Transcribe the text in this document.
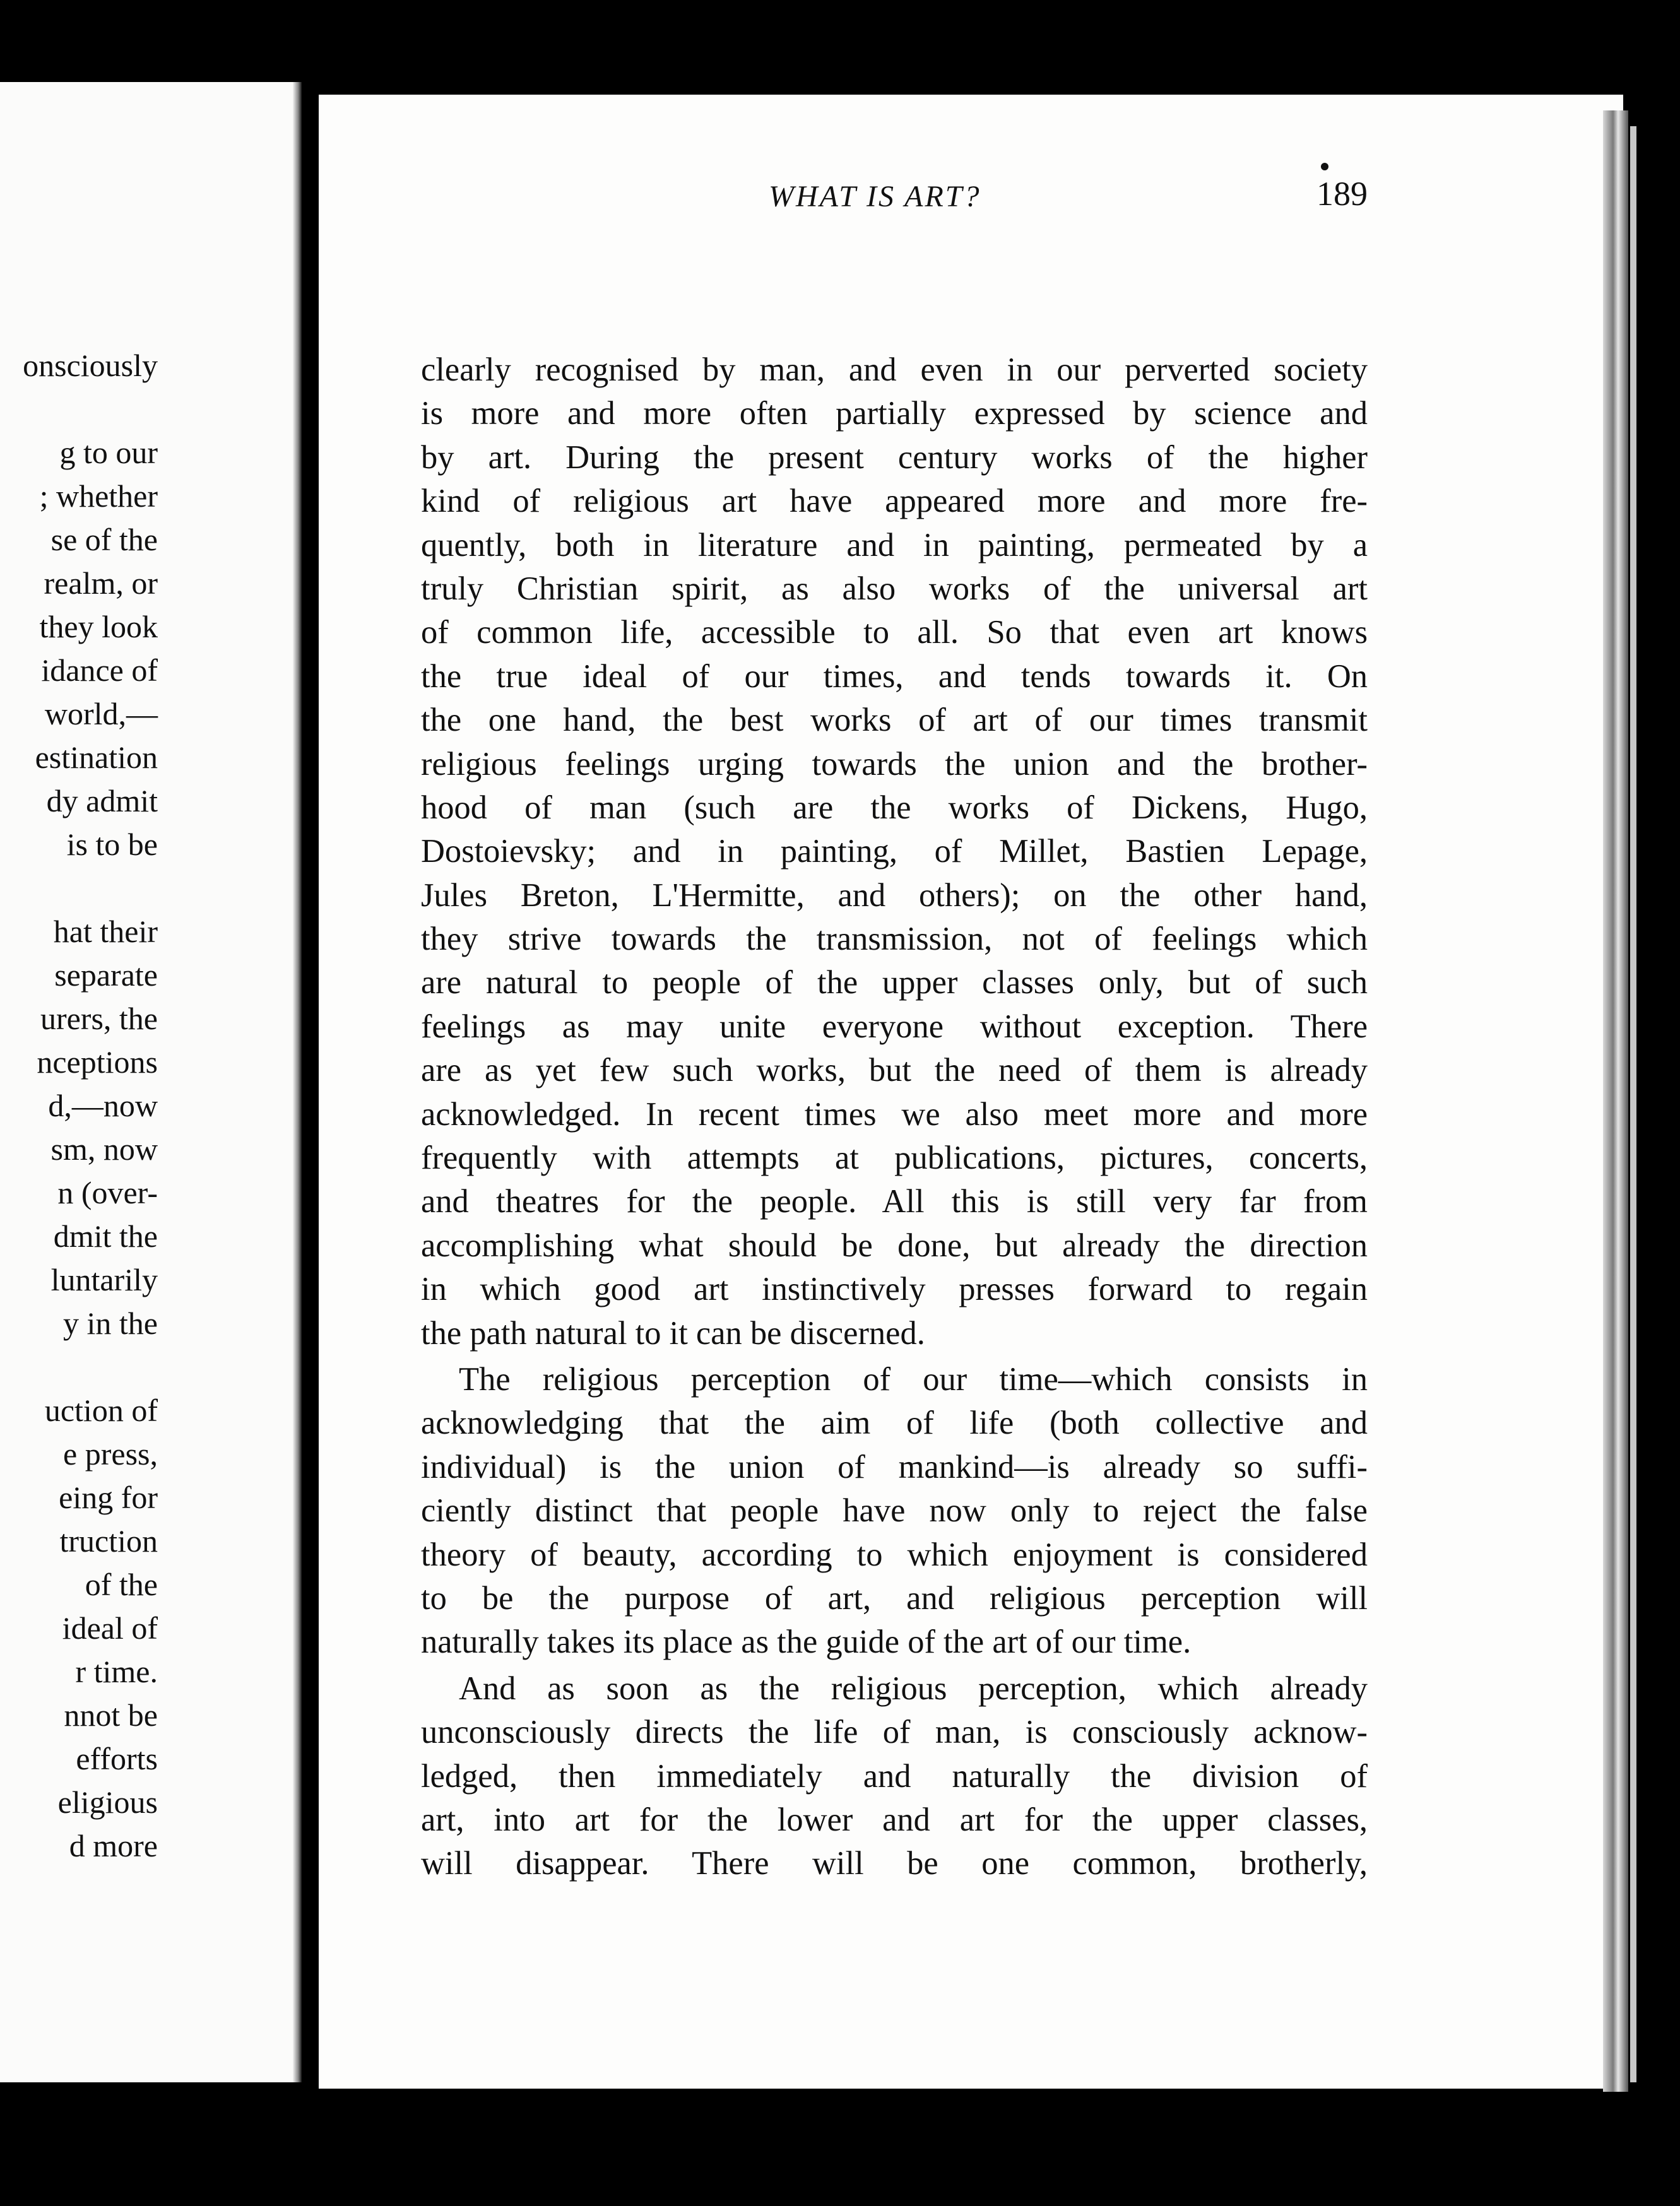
onsciously
g to our
; whether
se of the
realm, or
they look
idance of
world,—
estination
dy admit
is to be
hat their
separate
urers, the
nceptions
d,—now
sm, now
n (over-
dmit the
luntarily
y in the
uction of
e press,
eing for
truction
of the
ideal of
r time.
nnot be
efforts
eligious
d more
WHAT IS ART?	189
clearly recognised by man, and even in our perverted society
is more and more often partially expressed by science and
by art. During the present century works of the higher
kind of religious art have appeared more and more fre-
quently, both in literature and in painting, permeated by a
truly Christian spirit, as also works of the universal art
of common life, accessible to all. So that even art knows
the true ideal of our times, and tends towards it. On
the one hand, the best works of art of our times transmit
religious feelings urging towards the union and the brother-
hood of man (such are the works of Dickens, Hugo,
Dostoievsky; and in painting, of Millet, Bastien Lepage,
Jules Breton, L'Hermitte, and others); on the other hand,
they strive towards the transmission, not of feelings which
are natural to people of the upper classes only, but of such
feelings as may unite everyone without exception. There
are as yet few such works, but the need of them is already
acknowledged. In recent times we also meet more and more
frequently with attempts at publications, pictures, concerts,
and theatres for the people. All this is still very far from
accomplishing what should be done, but already the direction
in which good art instinctively presses forward to regain
the path natural to it can be discerned.
The religious perception of our time—which consists in
acknowledging that the aim of life (both collective and
individual) is the union of mankind—is already so suffi-
ciently distinct that people have now only to reject the false
theory of beauty, according to which enjoyment is considered
to be the purpose of art, and religious perception will
naturally takes its place as the guide of the art of our time.
And as soon as the religious perception, which already
unconsciously directs the life of man, is consciously acknow-
ledged, then immediately and naturally the division of
art, into art for the lower and art for the upper classes,
will disappear. There will be one common, brotherly,
